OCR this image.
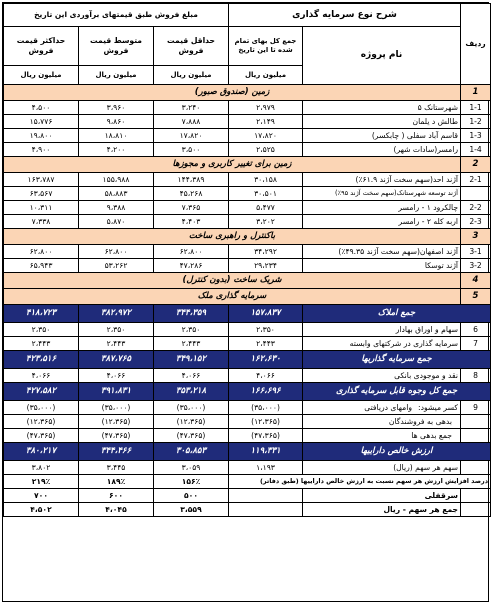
ردیف	شرح نوع سرمایه گذاری		مبلغ فروش طبق قیمتهای برآوردی این تاریخ		
	نام پروژه	جمع کل بهای تمام شده تا این تاریخ	حداقل قیمت فروش	متوسط قیمت فروش	حداکثر قیمت فروش
		میلیون ریال	میلیون ریال	میلیون ریال	میلیون ریال
1	زمین (صندوق صبور)				
1-1	شهرستانک ۵	۲،۹۷۹	۳،۲۴۰	۳،۹۶۰	۴،۵۰۰
1-2	طالش د یلمان	۲،۱۴۹	۷،۸۸۸	۹،۸۶۰	۱۵،۷۷۶
1-3	قاسم آباد سفلی ( چابکسر)	۱۷،۸۲۰	۱۷،۸۲۰	۱۸،۸۱۰	۱۹،۸۰۰
1-4	رامسر(سادات شهر)	۲،۵۲۵	۳،۵۰۰	۴،۲۰۰	۴،۹۰۰
2	زمین برای تغییر کاربری و مجوزها				
2-1	آژند احد(سهم سخت آژند ۶۱.۹٪)	۳۰،۱۵۸	۱۴۴،۳۸۹	۱۵۵،۹۸۸	۱۶۳،۷۸۷
	آژند توسعه شهرستانک(سهم سخت آژند ۹۵٪)	۳۰،۵۰۱	۴۵،۲۶۸	۵۸،۸۸۳	۶۳،۵۶۷
2-2	چالکرود ۱ - رامسر	۵،۴۷۷	۷،۳۶۵	۹،۳۸۸	۱۰،۳۱۱
2-3	اربه کله ۲ - رامسر	۳،۲۰۲	۴،۴۰۳	۵،۸۷۰	۷،۳۳۸
3	باکنترل و راهبری ساخت				
3-1	آژند اصفهان(سهم سخت آژند ۴۹.۳۵٪)	۳۴،۲۹۲	۶۲،۸۰۰	۶۲،۸۰۰	۶۲،۸۰۰
3-2	آژند توسکا	۲۹،۲۳۴	۴۷،۲۸۶	۵۳،۲۶۲	۶۵،۹۴۳
4	شریک ساخت (بدون کنترل)				
5	سرمایه گذاری ملک				
جمع املاک		۱۵۷،۸۳۷	۳۴۴،۳۵۹	۳۸۲،۹۷۲	۴۱۸،۷۲۳
6	سهام و اوراق بهادار	۲،۳۵۰	۲،۳۵۰	۲،۳۵۰	۲،۳۵۰
7	سرمایه گذاری در شرکتهای وابسته	۲،۴۴۳	۲،۴۴۳	۲،۴۴۳	۲،۴۴۳
جمع سرمایه گذاریها		۱۶۲،۶۳۰	۳۴۹،۱۵۲	۳۸۷،۷۶۵	۴۲۳،۵۱۶
8	نقد و موجودی بانکی	۴،۰۶۶	۴،۰۶۶	۴،۰۶۶	۴،۰۶۶
جمع کل وجوه قابل سرمایه گذاری		۱۶۶،۶۹۶	۳۵۳،۲۱۸	۳۹۱،۸۳۱	۴۲۷،۵۸۲
9	کسر میشود:وامهای دریافتی	(۳۵،۰۰۰)	(۳۵،۰۰۰)	(۳۵،۰۰۰)	(۳۵،۰۰۰)
	بدهی به فروشندگان	(۱۲،۳۶۵)	(۱۲،۳۶۵)	(۱۲،۳۶۵)	(۱۲،۳۶۵)
	جمع بدهی ها	(۴۷،۳۶۵)	(۴۷،۳۶۵)	(۴۷،۳۶۵)	(۴۷،۳۶۵)
ارزش خالص داراییها		۱۱۹،۳۳۱	۳۰۵،۸۵۳	۳۴۴،۴۶۶	۳۸۰،۲۱۷
	سهم هر سهم (ریال)	۱،۱۹۳	۳،۰۵۹	۳،۴۴۵	۳،۸۰۲
درصد افزایش ارزش هر سهم نسبت به ارزش خالص داراییها (طبق دفاتر)			۱۵۶٪	۱۸۹٪	۲۱۹٪
	سرقفلی		۵۰۰	۶۰۰	۷۰۰
	جمع هر سهم - ریال		۳،۵۵۹	۴،۰۴۵	۴،۵۰۲
